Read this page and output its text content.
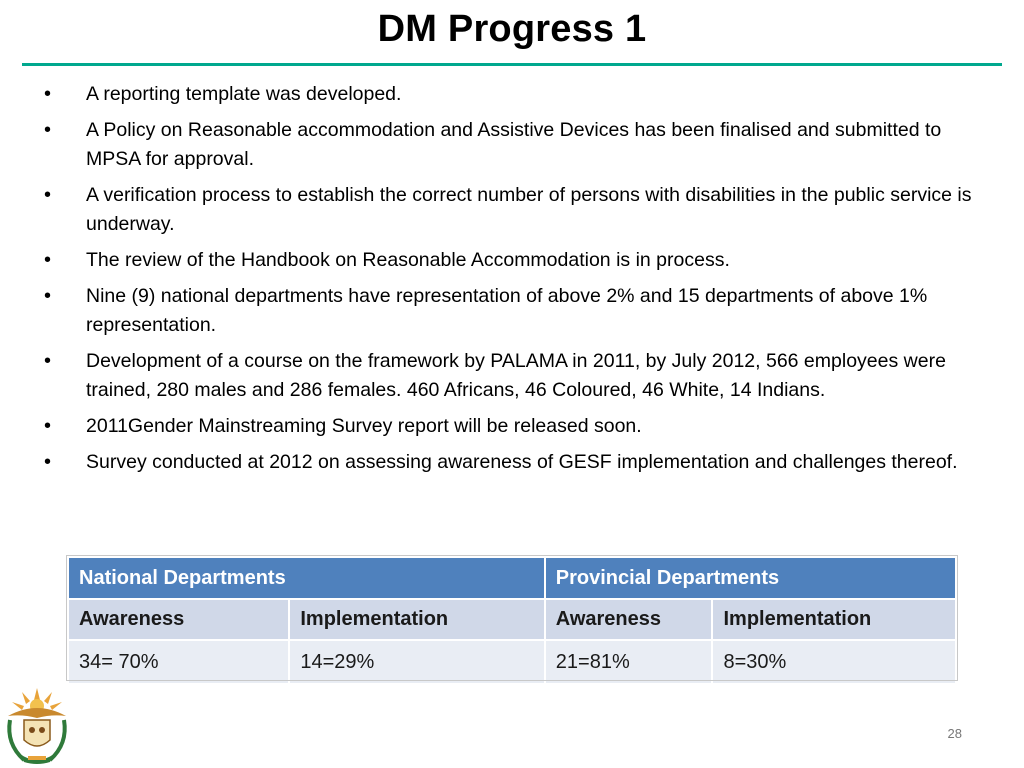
DM Progress 1
• A reporting template was developed.
• A Policy on Reasonable accommodation and Assistive Devices has been finalised and submitted to MPSA for approval.
• A verification process to establish the correct number of persons with disabilities in the public service is underway.
• The review of the Handbook on Reasonable Accommodation is in process.
• Nine (9) national departments have representation of above 2% and 15 departments of above 1% representation.
• Development of a course on the framework by PALAMA in 2011, by July 2012, 566 employees were trained, 280 males and 286 females. 460 Africans, 46 Coloured, 46 White, 14 Indians.
• 2011Gender Mainstreaming Survey report will be released soon.
• Survey conducted at 2012 on assessing awareness of GESF implementation and challenges thereof.
National Departments		Provincial Departments	
Awareness	Implementation	Awareness	Implementation
34= 70%	14=29%	21=81%	8=30%
28
